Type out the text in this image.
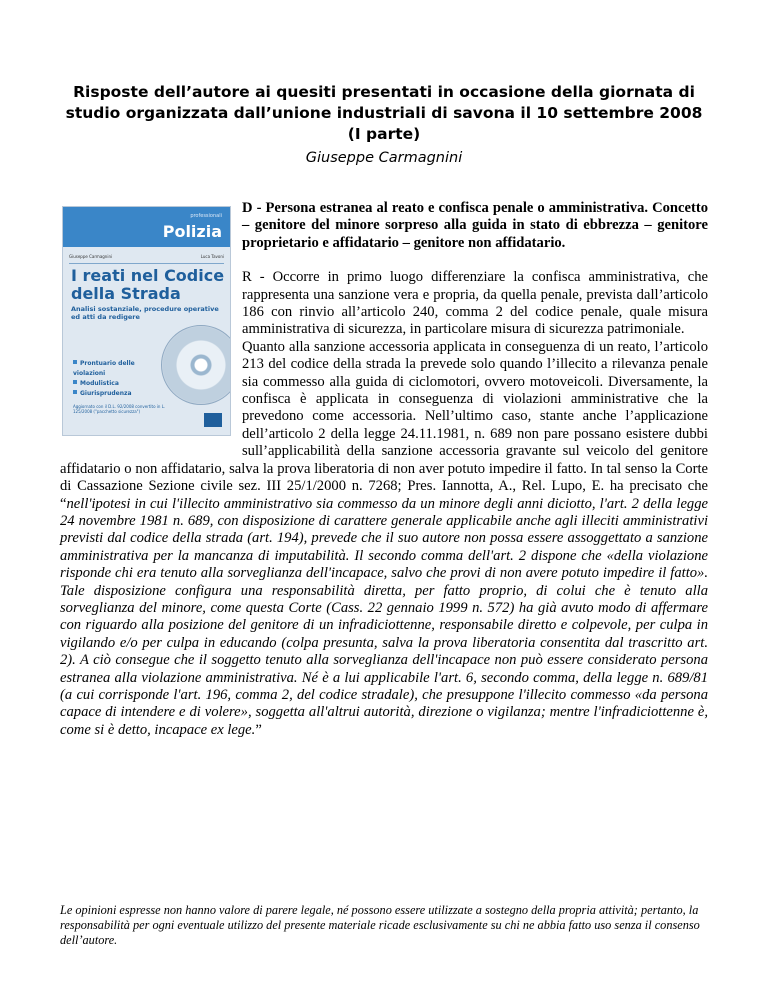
Risposte dell’autore ai quesiti presentati in occasione della giornata di studio organizzata dall’unione industriali di savona il 10 settembre 2008 (I parte)

Giuseppe Carmagnini

professionali
Polizia
Giuseppe Carmagnini	Luca Tavoni
I reati nel Codice della Strada
Analisi sostanziale, procedure operative ed atti da redigere
Prontuario delle violazioni
Modulistica
Giurisprudenza
Aggiornato con il D.L. 92/2008 convertito in L. 125/2008 ("pacchetto sicurezza")

D - Persona estranea al reato e confisca penale o amministrativa. Concetto – genitore del minore sorpreso alla guida in stato di ebbrezza – genitore proprietario e affidatario – genitore non affidatario.

R - Occorre in primo luogo differenziare la confisca amministrativa, che rappresenta una sanzione vera e propria, da quella penale, prevista dall’articolo 186 con rinvio all’articolo 240, comma 2 del codice penale, quale misura amministrativa di sicurezza, in particolare misura di sicurezza patrimoniale.

Quanto alla sanzione accessoria applicata in conseguenza di un reato, l’articolo 213 del codice della strada la prevede solo quando l’illecito a rilevanza penale sia commesso alla guida di ciclomotori, ovvero motoveicoli. Diversamente, la confisca è applicata in conseguenza di violazioni amministrative che la prevedono come accessoria. Nell’ultimo caso, stante anche l’applicazione dell’articolo 2 della legge 24.11.1981, n. 689 non pare possano esistere dubbi sull’applicabilità della sanzione accessoria gravante sul veicolo del genitore affidatario o non affidatario, salva la prova liberatoria di non aver potuto impedire il fatto. In tal senso la Corte di Cassazione Sezione civile sez. III 25/1/2000 n. 7268; Pres. Iannotta, A., Rel. Lupo, E. ha precisato che “nell'ipotesi in cui l'illecito amministrativo sia commesso da un minore degli anni diciotto, l'art. 2 della legge 24 novembre 1981 n. 689, con disposizione di carattere generale applicabile anche agli illeciti amministrativi previsti dal codice della strada (art. 194), prevede che il suo autore non possa essere assoggettato a sanzione amministrativa per la mancanza di imputabilità. Il secondo comma dell'art. 2 dispone che «della violazione risponde chi era tenuto alla sorveglianza dell'incapace, salvo che provi di non avere potuto impedire il fatto». Tale disposizione configura una responsabilità diretta, per fatto proprio, di colui che è tenuto alla sorveglianza del minore, come questa Corte (Cass. 22 gennaio 1999 n. 572) ha già avuto modo di affermare con riguardo alla posizione del genitore di un infradiciottenne, responsabile diretto e colpevole, per culpa in vigilando e/o per culpa in educando (colpa presunta, salva la prova liberatoria consentita dal trascritto art. 2). A ciò consegue che il soggetto tenuto alla sorveglianza dell'incapace non può essere considerato persona estranea alla violazione amministrativa. Né è a lui applicabile l'art. 6, secondo comma, della legge n. 689/81 (a cui corrisponde l'art. 196, comma 2, del codice stradale), che presuppone l'illecito commesso «da persona capace di intendere e di volere», soggetta all'altrui autorità, direzione o vigilanza; mentre l'infradiciottenne è, come si è detto, incapace ex lege.”

Le opinioni espresse non hanno valore di parere legale, né possono essere utilizzate a sostegno della propria attività; pertanto, la responsabilità per ogni eventuale utilizzo del presente materiale ricade esclusivamente su chi ne abbia fatto uso senza il consenso dell’autore.
